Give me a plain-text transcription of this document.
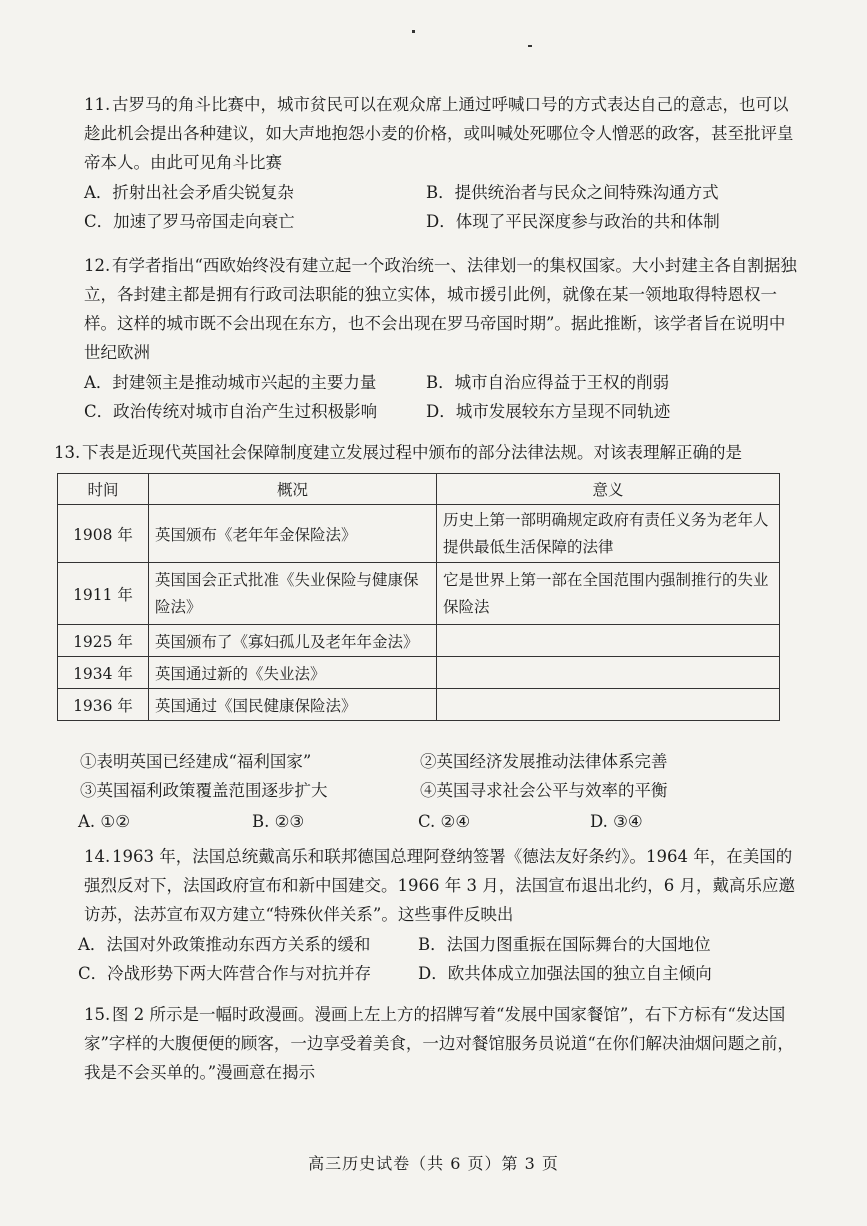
11. 古罗马的角斗比赛中，城市贫民可以在观众席上通过呼喊口号的方式表达自己的意志，也可以趁此机会提出各种建议，如大声地抱怨小麦的价格，或叫喊处死哪位令人憎恶的政客，甚至批评皇帝本人。由此可见角斗比赛
A．折射出社会矛盾尖锐复杂	B．提供统治者与民众之间特殊沟通方式
C．加速了罗马帝国走向衰亡	D．体现了平民深度参与政治的共和体制
12. 有学者指出“西欧始终没有建立起一个政治统一、法律划一的集权国家。大小封建主各自割据独立，各封建主都是拥有行政司法职能的独立实体，城市援引此例，就像在某一领地取得特恩权一样。这样的城市既不会出现在东方，也不会出现在罗马帝国时期”。据此推断，该学者旨在说明中世纪欧洲
A．封建领主是推动城市兴起的主要力量	B．城市自治应得益于王权的削弱
C．政治传统对城市自治产生过积极影响	D．城市发展较东方呈现不同轨迹
13. 下表是近现代英国社会保障制度建立发展过程中颁布的部分法律法规。对该表理解正确的是
时间	概况	意义
1908 年	英国颁布《老年年金保险法》	历史上第一部明确规定政府有责任义务为老年人提供最低生活保障的法律
1911 年	英国国会正式批准《失业保险与健康保险法》	它是世界上第一部在全国范围内强制推行的失业保险法
1925 年	英国颁布了《寡妇孤儿及老年年金法》	
1934 年	英国通过新的《失业法》	
1936 年	英国通过《国民健康保险法》	
①表明英国已经建成“福利国家”	②英国经济发展推动法律体系完善
③英国福利政策覆盖范围逐步扩大	④英国寻求社会公平与效率的平衡
A. ①②	B. ②③	C. ②④	D. ③④
14. 1963 年，法国总统戴高乐和联邦德国总理阿登纳签署《德法友好条约》。1964 年，在美国的强烈反对下，法国政府宣布和新中国建交。1966 年 3 月，法国宣布退出北约，6 月，戴高乐应邀访苏，法苏宣布双方建立“特殊伙伴关系”。这些事件反映出
A．法国对外政策推动东西方关系的缓和	B．法国力图重振在国际舞台的大国地位
C．冷战形势下两大阵营合作与对抗并存	D．欧共体成立加强法国的独立自主倾向
15. 图 2 所示是一幅时政漫画。漫画上左上方的招牌写着“发展中国家餐馆”，右下方标有“发达国家”字样的大腹便便的顾客，一边享受着美食，一边对餐馆服务员说道“在你们解决油烟问题之前，我是不会买单的。”漫画意在揭示
高三历史试卷（共 6 页）第 3 页
